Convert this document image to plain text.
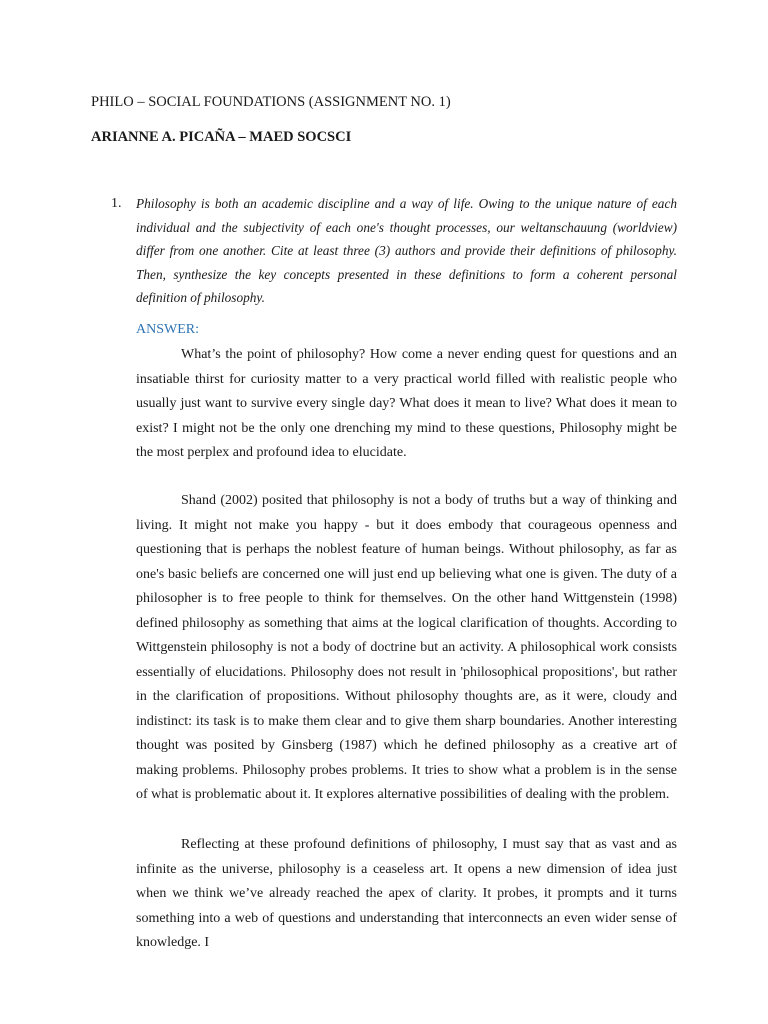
PHILO – SOCIAL FOUNDATIONS (ASSIGNMENT NO. 1)
ARIANNE A. PICAÑA – MAED SOCSCI
1. Philosophy is both an academic discipline and a way of life. Owing to the unique nature of each individual and the subjectivity of each one's thought processes, our weltanschauung (worldview) differ from one another. Cite at least three (3) authors and provide their definitions of philosophy. Then, synthesize the key concepts presented in these definitions to form a coherent personal definition of philosophy.
ANSWER:

What’s the point of philosophy? How come a never ending quest for questions and an insatiable thirst for curiosity matter to a very practical world filled with realistic people who usually just want to survive every single day? What does it mean to live? What does it mean to exist? I might not be the only one drenching my mind to these questions, Philosophy might be the most perplex and profound idea to elucidate.

Shand (2002) posited that philosophy is not a body of truths but a way of thinking and living. It might not make you happy - but it does embody that courageous openness and questioning that is perhaps the noblest feature of human beings. Without philosophy, as far as one's basic beliefs are concerned one will just end up believing what one is given. The duty of a philosopher is to free people to think for themselves. On the other hand Wittgenstein (1998) defined philosophy as something that aims at the logical clarification of thoughts. According to Wittgenstein philosophy is not a body of doctrine but an activity. A philosophical work consists essentially of elucidations. Philosophy does not result in 'philosophical propositions', but rather in the clarification of propositions. Without philosophy thoughts are, as it were, cloudy and indistinct: its task is to make them clear and to give them sharp boundaries. Another interesting thought was posited by Ginsberg (1987) which he defined philosophy as a creative art of making problems. Philosophy probes problems. It tries to show what a problem is in the sense of what is problematic about it. It explores alternative possibilities of dealing with the problem.

Reflecting at these profound definitions of philosophy, I must say that as vast and as infinite as the universe, philosophy is a ceaseless art. It opens a new dimension of idea just when we think we’ve already reached the apex of clarity. It probes, it prompts and it turns something into a web of questions and understanding that interconnects an even wider sense of knowledge. I
